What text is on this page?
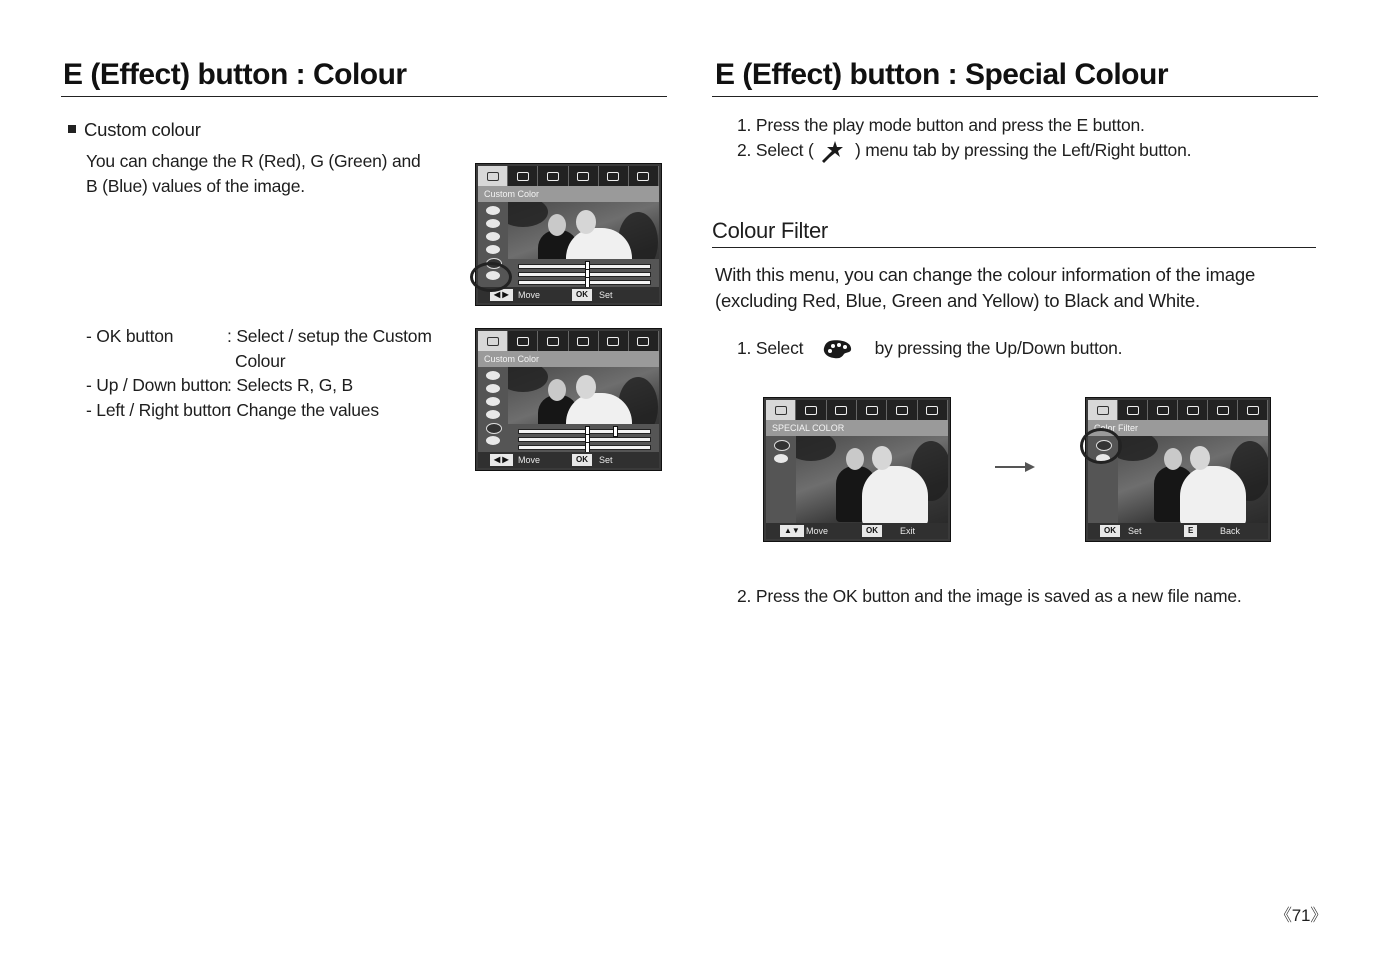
E (Effect) button : Colour
Custom colour
You can change the R (Red), G (Green) and
B (Blue) values of the image.	Custom Color
◀ ▶	Move	OK	Set
- OK button	: Select / setup the Custom
Colour
- Up / Down button
: Selects R, G, B
- Left / Right button
: Change the values
Custom Color
◀ ▶	Move	OK	Set
E (Effect) button : Special Colour
1. Press the play mode button and press the E button.
2. Select ( ) menu tab by pressing the Left/Right button.
Colour Filter
With this menu, you can change the colour information of the image
(excluding Red, Blue, Green and Yellow) to Black and White.
1. Select	by pressing the Up/Down button.
SPECIAL COLOR
▲▼ Move	OK	Exit
Color Filter
OK	Set	E	Back
2. Press the OK button and the image is saved as a new file name.
《71》
